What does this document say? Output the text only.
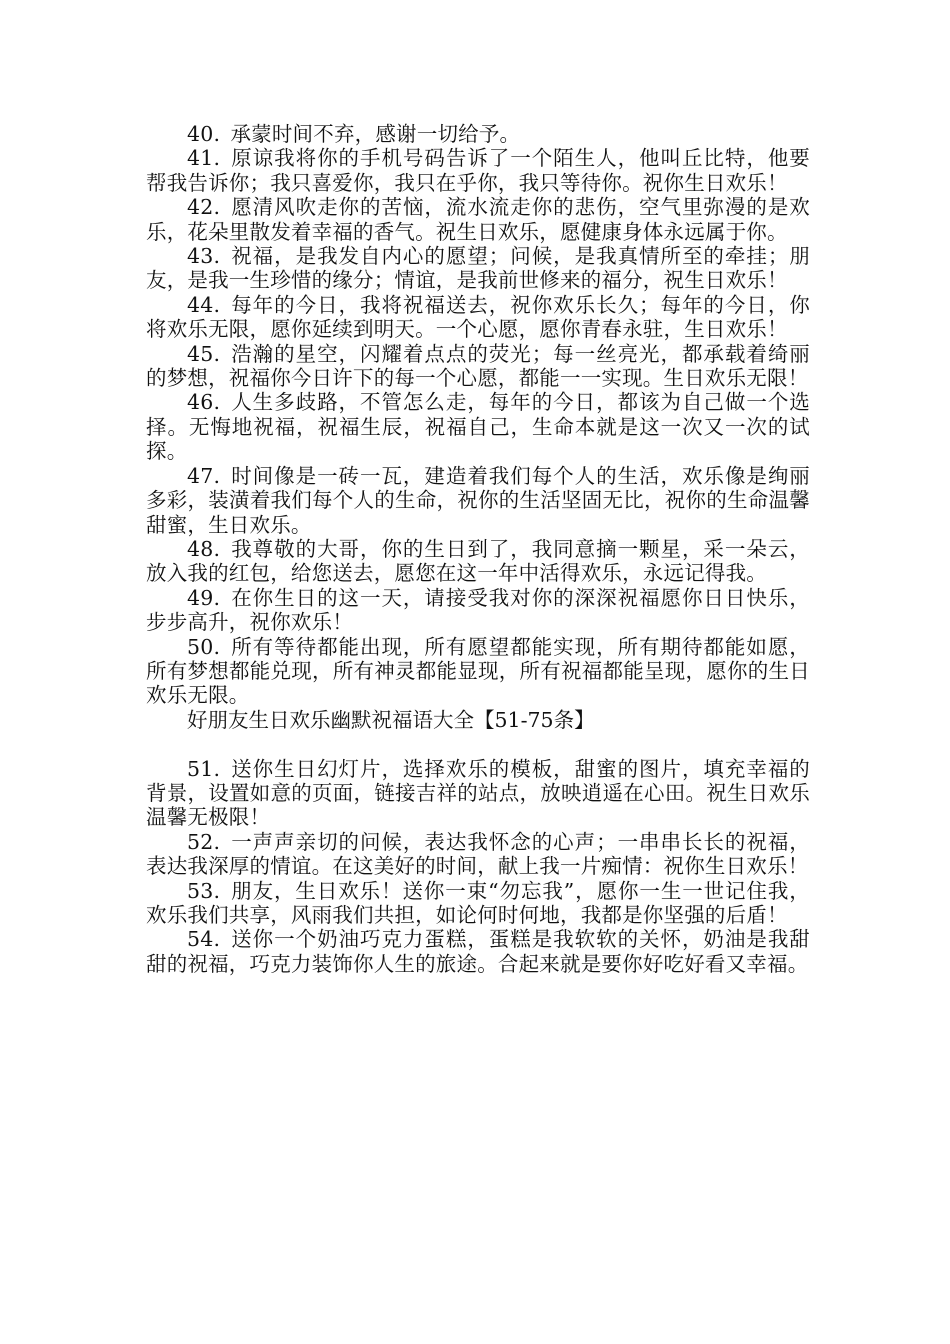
40. 承蒙时间不弃，感谢一切给予。

41. 原谅我将你的手机号码告诉了一个陌生人，他叫丘比特，他要帮我告诉你；我只喜爱你，我只在乎你，我只等待你。祝你生日欢乐！

42. 愿清风吹走你的苦恼，流水流走你的悲伤，空气里弥漫的是欢乐，花朵里散发着幸福的香气。祝生日欢乐，愿健康身体永远属于你。

43. 祝福，是我发自内心的愿望；问候，是我真情所至的牵挂；朋友，是我一生珍惜的缘分；情谊，是我前世修来的福分，祝生日欢乐！

44. 每年的今日，我将祝福送去，祝你欢乐长久；每年的今日，你将欢乐无限，愿你延续到明天。一个心愿，愿你青春永驻，生日欢乐！

45. 浩瀚的星空，闪耀着点点的荧光；每一丝亮光，都承载着绮丽的梦想，祝福你今日许下的每一个心愿，都能一一实现。生日欢乐无限！

46. 人生多歧路，不管怎么走，每年的今日，都该为自己做一个选择。无悔地祝福，祝福生辰，祝福自己，生命本就是这一次又一次的试探。

47. 时间像是一砖一瓦，建造着我们每个人的生活，欢乐像是绚丽多彩，装潢着我们每个人的生命，祝你的生活坚固无比，祝你的生命温馨甜蜜，生日欢乐。

48. 我尊敬的大哥，你的生日到了，我同意摘一颗星，采一朵云，放入我的红包，给您送去，愿您在这一年中活得欢乐，永远记得我。

49. 在你生日的这一天，请接受我对你的深深祝福愿你日日快乐，步步高升，祝你欢乐！

50. 所有等待都能出现，所有愿望都能实现，所有期待都能如愿，所有梦想都能兑现，所有神灵都能显现，所有祝福都能呈现，愿你的生日欢乐无限。

好朋友生日欢乐幽默祝福语大全【51-75条】

51. 送你生日幻灯片，选择欢乐的模板，甜蜜的图片，填充幸福的背景，设置如意的页面，链接吉祥的站点，放映逍遥在心田。祝生日欢乐温馨无极限！

52. 一声声亲切的问候，表达我怀念的心声；一串串长长的祝福，表达我深厚的情谊。在这美好的时间，献上我一片痴情：祝你生日欢乐！

53. 朋友，生日欢乐！送你一束“勿忘我”，愿你一生一世记住我，欢乐我们共享，风雨我们共担，如论何时何地，我都是你坚强的后盾！

54. 送你一个奶油巧克力蛋糕，蛋糕是我软软的关怀，奶油是我甜甜的祝福，巧克力装饰你人生的旅途。合起来就是要你好吃好看又幸福。
